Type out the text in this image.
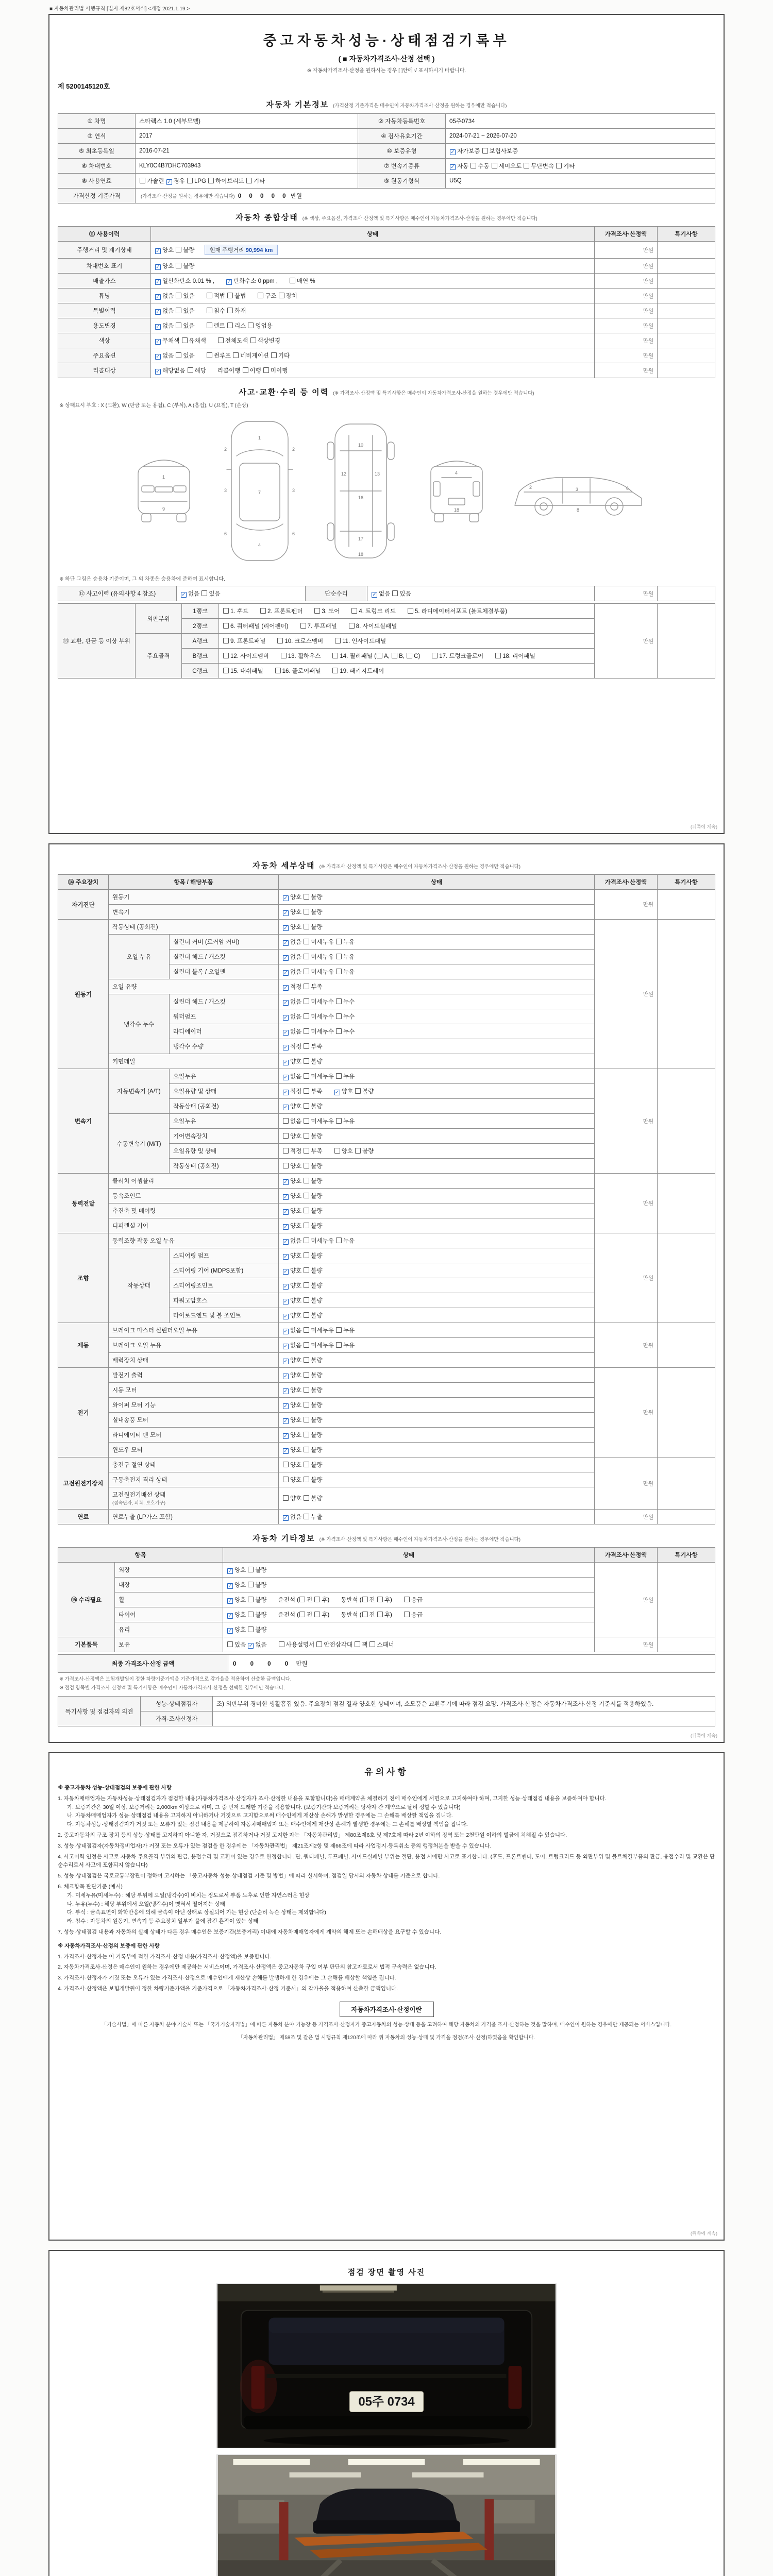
■ 자동차관리법 시행규칙 [별지 제82호서식] <개정 2021.1.19.>
중고자동차성능·상태점검기록부
( ■ 자동차가격조사·산정 선택 )
※ 자동차가격조사·산정을 원하시는 경우 [ ]안에 √ 표시하시기 바랍니다.
제 5200145120호
자동차 기본정보 (가격산정 기준가격은 매수인이 자동차가격조사·산정을 원하는 경우에만 적습니다)
① 차명	스타렉스 1.0 (세부모델)	② 자동차등록번호	05주0734
③ 연식	2017	④ 검사유효기간	2024-07-21 ~ 2026-07-20
⑤ 최초등록일	2016-07-21	⑩ 보증유형	✓ 자가보증 보험사보증
⑥ 차대번호	KLY0C4B7DHC703943	⑦ 변속기종류	✓ 자동 수동 세미오토 무단변속 기타
⑧ 사용연료	가솔린 ✓ 경유 LPG 하이브리드 기타	⑨ 원동기형식	U5Q
가격산정 기준가격	(가격조사·산정을 원하는 경우에만 적습니다) 0 0 0 0 0 만원		
자동차 종합상태 (※ 색상, 주요옵션, 가격조사·산정액 및 특기사항은 매수인이 자동차가격조사·산정을 원하는 경우에만 적습니다)
⑪ 사용이력	상태	가격조사·산정액	특기사항
주행거리 및 계기상태	✓ 양호 불량 현재 주행거리 90,994 km	만원	
차대번호 표기	✓ 양호 불량	만원	
배출가스	✓ 일산화탄소 0.01 % , ✓ 탄화수소 0 ppm , 매연 %	만원	
튜닝	✓ 없음 있음 적법 불법 구조 장치	만원	
특별이력	✓ 없음 있음 침수 화재	만원	
용도변경	✓ 없음 있음 렌트 리스 영업용	만원	
색상	✓ 무채색 유채색 전체도색 색상변경	만원	
주요옵션	✓ 없음 있음 썬루프 네비게이션 기타	만원	
리콜대상	✓ 해당없음 해당 리콜이행 이행 미이행	만원	
사고·교환·수리 등 이력 (※ 가격조사·산정액 및 특기사항은 매수인이 자동차가격조사·산정을 원하는 경우에만 적습니다)
※ 상태표시 부호 : X (교환), W (판금 또는 용접), C (부식), A (흠집), U (요철), T (손상)
1
9
1
7
4
2	2
3	3
6	6
10
12
16
17
18
13	4
18
2	3	6
8
※ 하단 그림은 승용차 기준이며, 그 외 차종은 승용차에 준하여 표시합니다.
⑫ 사고이력 (유의사항 4 참조)	✓ 없음 있음	단순수리	✓ 없음 있음	만원	
⑬ 교환, 판금 등 이상 부위	외판부위	1랭크	1. 후드 2. 프론트펜더 3. 도어 4. 트렁크 리드 5. 라디에이터서포트 (볼트체결부품)	만원	
		2랭크	6. 쿼터패널 (리어펜더) 7. 루프패널 8. 사이드실패널		
	주요골격	A랭크	9. 프론트패널 10. 크로스멤버 11. 인사이드패널		
		B랭크	12. 사이드멤버 13. 휠하우스 14. 필러패널 ( A, B, C) 17. 트렁크플로어 18. 리어패널		
		C랭크	15. 대쉬패널 16. 플로어패널 19. 패키지트레이		
(뒤쪽에 계속)
자동차 세부상태 (※ 가격조사·산정액 및 특기사항은 매수인이 자동차가격조사·산정을 원하는 경우에만 적습니다)
⑭ 주요장치	항목 / 해당부품		상태	가격조사·산정액	특기사항
자기진단	원동기		✓ 양호 불량	만원	
	변속기		✓ 양호 불량		
원동기	작동상태 (공회전)		✓ 양호 불량	만원	
	오일 누유	실린더 커버 (로커암 커버)	✓ 없음 미세누유 누유		
		실린더 헤드 / 개스킷	✓ 없음 미세누유 누유		
		실린더 블록 / 오일팬	✓ 없음 미세누유 누유		
	오일 유량		✓ 적정 부족		
	냉각수 누수	실린더 헤드 / 개스킷	✓ 없음 미세누수 누수		
		워터펌프	✓ 없음 미세누수 누수		
		라디에이터	✓ 없음 미세누수 누수		
		냉각수 수량	✓ 적정 부족		
	커먼레일		✓ 양호 불량		
변속기	자동변속기 (A/T)	오일누유	✓ 없음 미세누유 누유	만원	
		오일유량 및 상태	✓ 적정 부족 ✓ 양호 불량		
		작동상태 (공회전)	✓ 양호 불량		
	수동변속기 (M/T)	오일누유	없음 미세누유 누유		
		기어변속장치	양호 불량		
		오일유량 및 상태	적정 부족 양호 불량		
		작동상태 (공회전)	양호 불량		
동력전달	클러치 어셈블리		✓ 양호 불량	만원	
	등속조인트		✓ 양호 불량		
	추진축 및 베어링		✓ 양호 불량		
	디퍼렌셜 기어		✓ 양호 불량		
조향	동력조향 작동 오일 누유		✓ 없음 미세누유 누유	만원	
	작동상태	스티어링 펌프	✓ 양호 불량		
		스티어링 기어 (MDPS포함)	✓ 양호 불량		
		스티어링조인트	✓ 양호 불량		
		파워고압호스	✓ 양호 불량		
		타이로드엔드 및 볼 조인트	✓ 양호 불량		
제동	브레이크 마스터 실린더오일 누유		✓ 없음 미세누유 누유	만원	
	브레이크 오일 누유		✓ 없음 미세누유 누유		
	배력장치 상태		✓ 양호 불량		
전기	발전기 출력		✓ 양호 불량	만원	
	시동 모터		✓ 양호 불량		
	와이퍼 모터 기능		✓ 양호 불량		
	실내송풍 모터		✓ 양호 불량		
	라디에이터 팬 모터		✓ 양호 불량		
	윈도우 모터		✓ 양호 불량		
고전원전기장치	충전구 절연 상태		양호 불량	만원	
	구동축전지 격리 상태		양호 불량		
	고전원전기배선 상태
(접속단자, 피복, 보호기구)		양호 불량		
연료	연료누출 (LP가스 포함)		✓ 없음 누출	만원	
자동차 기타정보 (※ 가격조사·산정액 및 특기사항은 매수인이 자동차가격조사·산정을 원하는 경우에만 적습니다)
항목		상태	가격조사·산정액	특기사항
⑮ 수리필요	외장	✓ 양호 불량	만원	
	내장	✓ 양호 불량		
	휠	✓ 양호 불량 운전석 ( 전 후) 동반석 ( 전 후) 응급		
	타이어	✓ 양호 불량 운전석 ( 전 후) 동반석 ( 전 후) 응급		
	유리	✓ 양호 불량		
기본품목	보유	있음 ✓ 없음 사용설명서 안전삼각대 잭 스패너	만원	
최종 가격조사·산정 금액	0 0 0 0 만원
※ 가격조사·산정액은 보험개발원이 정한 차량기준가액을 기준가격으로 감가율을 적용하여 산출한 금액입니다.
※ 점검 항목별 가격조사·산정액 및 특기사항은 매수인이 자동차가격조사·산정을 선택한 경우에만 적습니다.
특기사항 및 점검자의 의견	성능·상태점검자	조) 외판부위 경미한 생활흠집 있음. 주요장치 점검 결과 양호한 상태이며, 소모품은 교환주기에 따라 점검 요망. 가격조사·산정은 자동차가격조사·산정 기준서를 적용하였음.
	가격·조사산정자	
(뒤쪽에 계속)
유의사항
※ 중고자동차 성능·상태점검의 보증에 관한 사항
1. 자동차매매업자는 자동차성능·상태점검자가 점검한 내용(자동차가격조사·산정자가 조사·산정한 내용을 포함합니다)을 매매계약을 체결하기 전에 매수인에게 서면으로 고지하여야 하며, 고지한 성능·상태점검 내용을 보증하여야 합니다.
가. 보증기간은 30일 이상, 보증거리는 2,000km 이상으로 하며, 그 중 먼저 도래한 기준을 적용합니다. (보증기간과 보증거리는 당사자 간 계약으로 달리 정할 수 있습니다)
나. 자동차매매업자가 성능·상태점검 내용을 고지하지 아니하거나 거짓으로 고지함으로써 매수인에게 재산상 손해가 발생한 경우에는 그 손해를 배상할 책임을 집니다.
다. 자동차성능·상태점검자가 거짓 또는 오류가 있는 점검 내용을 제공하여 자동차매매업자 또는 매수인에게 재산상 손해가 발생한 경우에는 그 손해를 배상할 책임을 집니다.
2. 중고자동차의 구조·장치 등의 성능·상태를 고지하지 아니한 자, 거짓으로 점검하거나 거짓 고지한 자는 「자동차관리법」 제80조제6호 및 제7호에 따라 2년 이하의 징역 또는 2천만원 이하의 벌금에 처해질 수 있습니다.
3. 성능·상태점검자(자동차정비업자)가 거짓 또는 오류가 있는 점검을 한 경우에는 「자동차관리법」 제21조제2항 및 제66조에 따라 사업정지·등록취소 등의 행정처분을 받을 수 있습니다.
4. 사고이력 인정은 사고로 자동차 주요골격 부위의 판금, 용접수리 및 교환이 있는 경우로 한정합니다. 단, 쿼터패널, 루프패널, 사이드실패널 부위는 절단, 용접 시에만 사고로 표기합니다. (후드, 프론트펜더, 도어, 트렁크리드 등 외판부위 및 볼트체결부품의 판금, 용접수리 및 교환은 단순수리로서 사고에 포함되지 않습니다)
5. 성능·상태점검은 국토교통부장관이 정하여 고시하는 「중고자동차 성능·상태점검 기준 및 방법」에 따라 실시하며, 점검일 당시의 자동차 상태를 기준으로 합니다.
6. 체크항목 판단기준 (예시)
가. 미세누유(미세누수) : 해당 부위에 오일(냉각수)이 비치는 정도로서 부품 노후로 인한 자연스러운 현상
나. 누유(누수) : 해당 부위에서 오일(냉각수)이 맺혀서 떨어지는 상태
다. 부식 : 금속표면이 화학반응에 의해 금속이 아닌 상태로 상실되어 가는 현상 (단순히 녹슨 상태는 제외합니다)
라. 침수 : 자동차의 원동기, 변속기 등 주요장치 일부가 물에 잠긴 흔적이 있는 상태
7. 성능·상태점검 내용과 자동차의 실제 상태가 다른 경우 매수인은 보증기간(보증거리) 이내에 자동차매매업자에게 계약의 해제 또는 손해배상을 요구할 수 있습니다.
※ 자동차가격조사·산정의 보증에 관한 사항
1. 가격조사·산정자는 이 기록부에 적힌 가격조사·산정 내용(가격조사·산정액)을 보증합니다.
2. 자동차가격조사·산정은 매수인이 원하는 경우에만 제공하는 서비스이며, 가격조사·산정액은 중고자동차 구입 여부 판단의 참고자료로서 법적 구속력은 없습니다.
3. 가격조사·산정자가 거짓 또는 오류가 있는 가격조사·산정으로 매수인에게 재산상 손해를 발생하게 한 경우에는 그 손해를 배상할 책임을 집니다.
4. 가격조사·산정액은 보험개발원이 정한 차량기준가액을 기준가격으로 「자동차가격조사·산정 기준서」의 감가율을 적용하여 산출한 금액입니다.
자동차가격조사·산정이란
「기술사법」에 따른 자동차 분야 기술사 또는 「국가기술자격법」에 따른 자동차 분야 기능장 등 가격조사·산정자가 중고자동차의 성능·상태 등을 고려하여 해당 자동차의 가격을 조사·산정하는 것을 말하며, 매수인이 원하는 경우에만 제공되는 서비스입니다.
「자동차관리법」 제58조 및 같은 법 시행규칙 제120조에 따라 위 자동차의 성능·상태 및 가격을 점검(조사·산정)하였음을 확인합니다.
(뒤쪽에 계속)
점검 장면 촬영 사진
05주 0734
